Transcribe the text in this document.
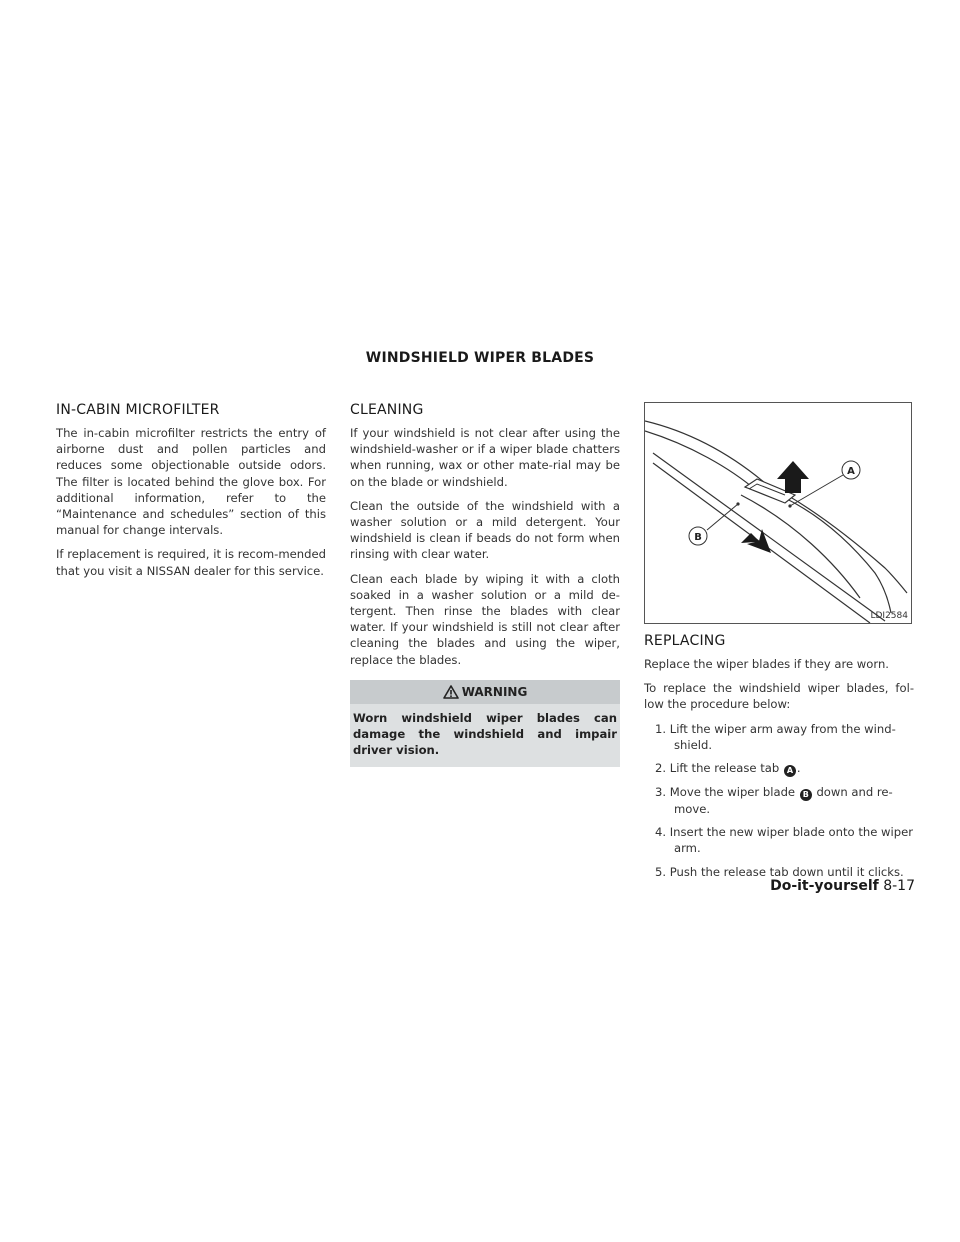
WINDSHIELD WIPER BLADES
IN-CABIN MICROFILTER

The in-cabin microfilter restricts the entry of airborne dust and pollen particles and reduces some objectionable outside odors. The filter is located behind the glove box. For additional information, refer to the “Maintenance and schedules” section of this manual for change intervals.

If replacement is required, it is recom-mended that you visit a NISSAN dealer for this service.

CLEANING

If your windshield is not clear after using the windshield-washer or if a wiper blade chatters when running, wax or other mate-rial may be on the blade or windshield.

Clean the outside of the windshield with a washer solution or a mild detergent. Your windshield is clean if beads do not form when rinsing with clear water.

Clean each blade by wiping it with a cloth soaked in a washer solution or a mild de-tergent. Then rinse the blades with clear water. If your windshield is still not clear after cleaning the blades and using the wiper, replace the blades.

WARNING
Worn windshield wiper blades can damage the windshield and impair driver vision.
A
B
LDI2584
REPLACING

Replace the wiper blades if they are worn.

To replace the windshield wiper blades, fol-low the procedure below:

1. Lift the wiper arm away from the wind-shield.
2. Lift the release tab A .
3. Move the wiper blade B down and re-move.
4. Insert the new wiper blade onto the wiper arm.
5. Push the release tab down until it clicks.
Do-it-yourself 8-17
